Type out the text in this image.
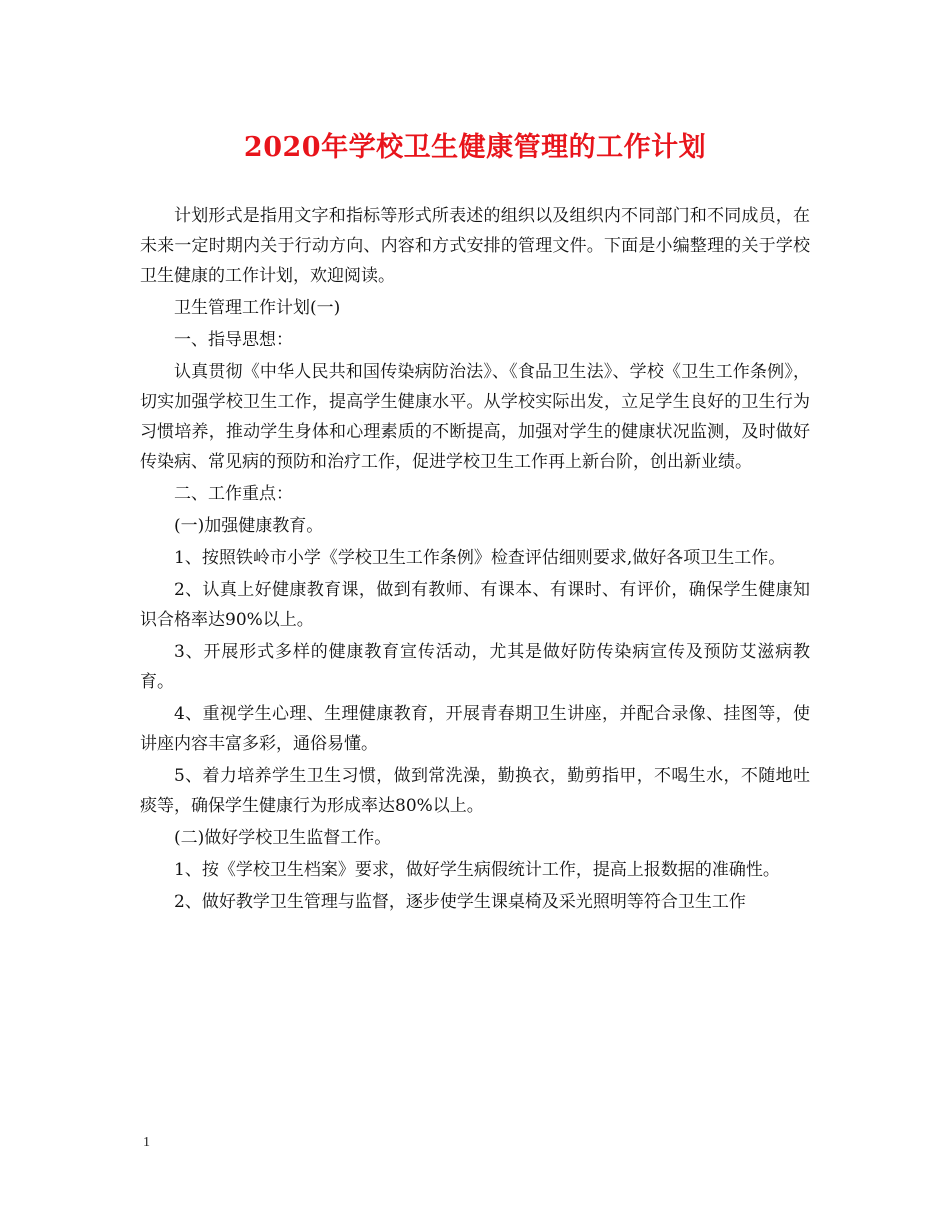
2020年学校卫生健康管理的工作计划

计划形式是指用文字和指标等形式所表述的组织以及组织内不同部门和不同成员，在未来一定时期内关于行动方向、内容和方式安排的管理文件。下面是小编整理的关于学校卫生健康的工作计划，欢迎阅读。

卫生管理工作计划(一)

一、指导思想：

认真贯彻《中华人民共和国传染病防治法》、《食品卫生法》、学校《卫生工作条例》，切实加强学校卫生工作，提高学生健康水平。从学校实际出发，立足学生良好的卫生行为习惯培养，推动学生身体和心理素质的不断提高，加强对学生的健康状况监测，及时做好传染病、常见病的预防和治疗工作，促进学校卫生工作再上新台阶，创出新业绩。

二、工作重点：

(一)加强健康教育。

1、按照铁岭市小学《学校卫生工作条例》检查评估细则要求,做好各项卫生工作。

2、认真上好健康教育课，做到有教师、有课本、有课时、有评价，确保学生健康知识合格率达90%以上。

3、开展形式多样的健康教育宣传活动，尤其是做好防传染病宣传及预防艾滋病教育。

4、重视学生心理、生理健康教育，开展青春期卫生讲座，并配合录像、挂图等，使讲座内容丰富多彩，通俗易懂。

5、着力培养学生卫生习惯，做到常洗澡，勤换衣，勤剪指甲，不喝生水，不随地吐痰等，确保学生健康行为形成率达80%以上。

(二)做好学校卫生监督工作。

1、按《学校卫生档案》要求，做好学生病假统计工作，提高上报数据的准确性。

2、做好教学卫生管理与监督，逐步使学生课桌椅及采光照明等符合卫生工作

1
